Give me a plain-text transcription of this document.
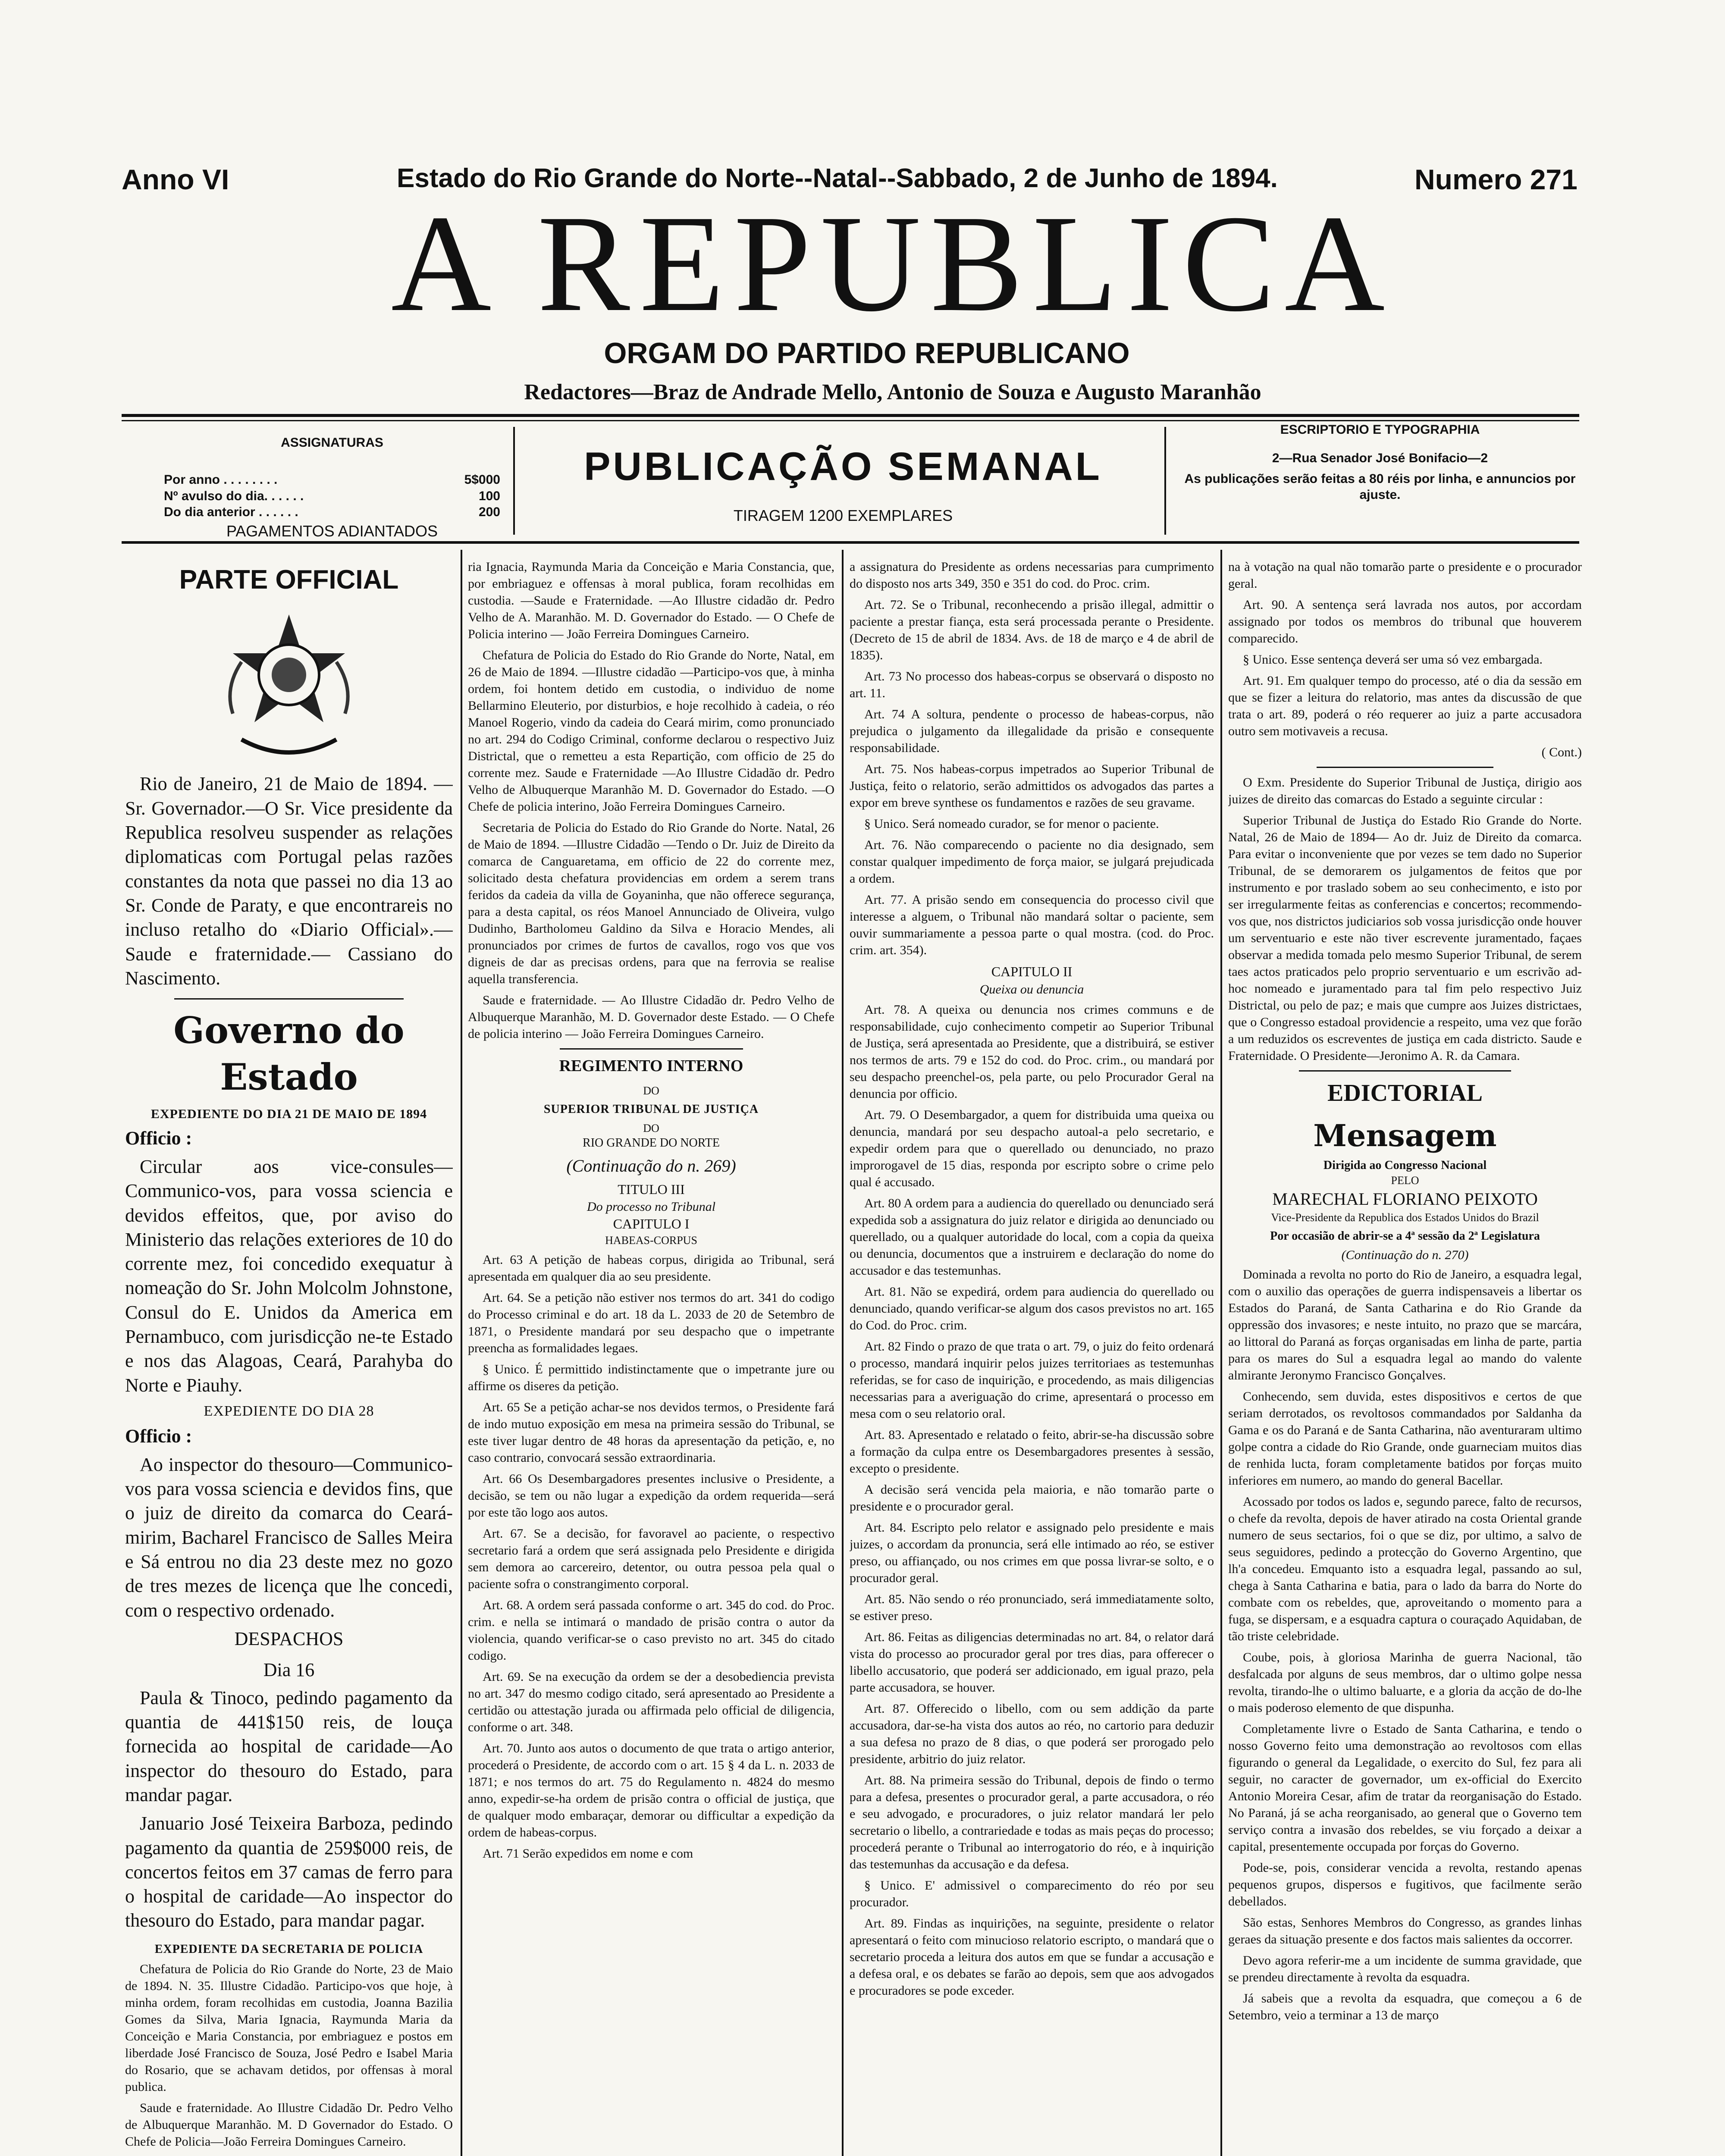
Anno VI	Estado do Rio Grande do Norte--Natal--Sabbado, 2 de Junho de 1894.	Numero 271
A REPUBLICA
ORGAM DO PARTIDO REPUBLICANO
Redactores—Braz de Andrade Mello, Antonio de Souza e Augusto Maranhão
ASSIGNATURAS
Por anno . . . . . . . .	5$000
Nº avulso do dia. . . . . .	100
Do dia anterior . . . . . .	200
PAGAMENTOS ADIANTADOS
PUBLICAÇÃO SEMANAL
TIRAGEM 1200 EXEMPLARES
ESCRIPTORIO E TYPOGRAPHIA
2—Rua Senador José Bonifacio—2
As publicações serão feitas a 80 réis por linha, e annuncios por ajuste.
PARTE OFFICIAL

Rio de Janeiro, 21 de Maio de 1894. —Sr. Governador.—O Sr. Vice presidente da Republica resolveu suspender as relações diplomaticas com Portugal pelas razões constantes da nota que passei no dia 13 ao Sr. Conde de Paraty, e que encontrareis no incluso retalho do «Diario Official».—Saude e fraternidade.— Cassiano do Nascimento.

Governo do Estado
EXPEDIENTE DO DIA 21 DE MAIO DE 1894

Officio :

Circular aos vice-consules—Communico-vos, para vossa sciencia e devidos effeitos, que, por aviso do Ministerio das relações exteriores de 10 do corrente mez, foi concedido exequatur à nomeação do Sr. John Molcolm Johnstone, Consul do E. Unidos da America em Pernambuco, com jurisdicção ne-te Estado e nos das Alagoas, Ceará, Parahyba do Norte e Piauhy.

EXPEDIENTE DO DIA 28

Officio :

Ao inspector do thesouro—Communico-vos para vossa sciencia e devidos fins, que o juiz de direito da comarca do Ceará-mirim, Bacharel Francisco de Salles Meira e Sá entrou no dia 23 deste mez no gozo de tres mezes de licença que lhe concedi, com o respectivo ordenado.

DESPACHOS
Dia 16

Paula & Tinoco, pedindo pagamento da quantia de 441$150 reis, de louça fornecida ao hospital de caridade—Ao inspector do thesouro do Estado, para mandar pagar.

Januario José Teixeira Barboza, pedindo pagamento da quantia de 259$000 reis, de concertos feitos em 37 camas de ferro para o hospital de caridade—Ao inspector do thesouro do Estado, para mandar pagar.

EXPEDIENTE DA SECRETARIA DE POLICIA

Chefatura de Policia do Rio Grande do Norte, 23 de Maio de 1894. N. 35. Illustre Cidadão. Participo-vos que hoje, à minha ordem, foram recolhidas em custodia, Joanna Bazilia Gomes da Silva, Maria Ignacia, Raymunda Maria da Conceição e Maria Constancia, por embriaguez e postos em liberdade José Francisco de Souza, José Pedro e Isabel Maria do Rosario, que se achavam detidos, por offensas à moral publica.

Saude e fraternidade. Ao Illustre Cidadão Dr. Pedro Velho de Albuquerque Maranhão. M. D Governador do Estado. O Chefe de Policia—João Ferreira Domingues Carneiro.

ria Ignacia, Raymunda Maria da Conceição e Maria Constancia, que, por embriaguez e offensas à moral publica, foram recolhidas em custodia. —Saude e Fraternidade. —Ao Illustre cidadão dr. Pedro Velho de A. Maranhão. M. D. Governador do Estado. — O Chefe de Policia interino — João Ferreira Domingues Carneiro.

Chefatura de Policia do Estado do Rio Grande do Norte, Natal, em 26 de Maio de 1894. —Illustre cidadão —Participo-vos que, à minha ordem, foi hontem detido em custodia, o individuo de nome Bellarmino Eleuterio, por disturbios, e hoje recolhido à cadeia, o réo Manoel Rogerio, vindo da cadeia do Ceará mirim, como pronunciado no art. 294 do Codigo Criminal, conforme declarou o respectivo Juiz Districtal, que o remetteu a esta Repartição, com officio de 25 do corrente mez. Saude e Fraternidade —Ao Illustre Cidadão dr. Pedro Velho de Albuquerque Maranhão M. D. Governador do Estado. —O Chefe de policia interino, João Ferreira Domingues Carneiro.

Secretaria de Policia do Estado do Rio Grande do Norte. Natal, 26 de Maio de 1894. —Illustre Cidadão —Tendo o Dr. Juiz de Direito da comarca de Canguaretama, em officio de 22 do corrente mez, solicitado desta chefatura providencias em ordem a serem trans feridos da cadeia da villa de Goyaninha, que não offerece segurança, para a desta capital, os réos Manoel Annunciado de Oliveira, vulgo Dudinho, Bartholomeu Galdino da Silva e Horacio Mendes, ali pronunciados por crimes de furtos de cavallos, rogo vos que vos digneis de dar as precisas ordens, para que na ferrovia se realise aquella transferencia.

Saude e fraternidade. — Ao Illustre Cidadão dr. Pedro Velho de Albuquerque Maranhão, M. D. Governador deste Estado. — O Chefe de policia interino — João Ferreira Domingues Carneiro.

REGIMENTO INTERNO
DO
SUPERIOR TRIBUNAL DE JUSTIÇA
DO
RIO GRANDE DO NORTE
(Continuação do n. 269)
TITULO III
Do processo no Tribunal
CAPITULO I
HABEAS-CORPUS

Art. 63 A petição de habeas corpus, dirigida ao Tribunal, será apresentada em qualquer dia ao seu presidente.

Art. 64. Se a petição não estiver nos termos do art. 341 do codigo do Processo criminal e do art. 18 da L. 2033 de 20 de Setembro de 1871, o Presidente mandará por seu despacho que o impetrante preencha as formalidades legaes.

§ Unico. É permittido indistinctamente que o impetrante jure ou affirme os diseres da petição.

Art. 65 Se a petição achar-se nos devidos termos, o Presidente fará de indo mutuo exposição em mesa na primeira sessão do Tribunal, se este tiver lugar dentro de 48 horas da apresentação da petição, e, no caso contrario, convocará sessão extraordinaria.

Art. 66 Os Desembargadores presentes inclusive o Presidente, a decisão, se tem ou não lugar a expedição da ordem requerida—será por este tão logo aos autos.

Art. 67. Se a decisão, for favoravel ao paciente, o respectivo secretario fará a ordem que será assignada pelo Presidente e dirigida sem demora ao carcereiro, detentor, ou outra pessoa pela qual o paciente sofra o constrangimento corporal.

Art. 68. A ordem será passada conforme o art. 345 do cod. do Proc. crim. e nella se intimará o mandado de prisão contra o autor da violencia, quando verificar-se o caso previsto no art. 345 do citado codigo.

Art. 69. Se na execução da ordem se der a desobediencia prevista no art. 347 do mesmo codigo citado, será apresentado ao Presidente a certidão ou attestação jurada ou affirmada pelo official de diligencia, conforme o art. 348.

Art. 70. Junto aos autos o documento de que trata o artigo anterior, procederá o Presidente, de accordo com o art. 15 § 4 da L. n. 2033 de 1871; e nos termos do art. 75 do Regulamento n. 4824 do mesmo anno, expedir-se-ha ordem de prisão contra o official de justiça, que de qualquer modo embaraçar, demorar ou difficultar a expedição da ordem de habeas-corpus.

Art. 71 Serão expedidos em nome e com

a assignatura do Presidente as ordens necessarias para cumprimento do disposto nos arts 349, 350 e 351 do cod. do Proc. crim.

Art. 72. Se o Tribunal, reconhecendo a prisão illegal, admittir o paciente a prestar fiança, esta será processada perante o Presidente. (Decreto de 15 de abril de 1834. Avs. de 18 de março e 4 de abril de 1835).

Art. 73 No processo dos habeas-corpus se observará o disposto no art. 11.

Art. 74 A soltura, pendente o processo de habeas-corpus, não prejudica o julgamento da illegalidade da prisão e consequente responsabilidade.

Art. 75. Nos habeas-corpus impetrados ao Superior Tribunal de Justiça, feito o relatorio, serão admittidos os advogados das partes a expor em breve synthese os fundamentos e razões de seu gravame.

§ Unico. Será nomeado curador, se for menor o paciente.

Art. 76. Não comparecendo o paciente no dia designado, sem constar qualquer impedimento de força maior, se julgará prejudicada a ordem.

Art. 77. A prisão sendo em consequencia do processo civil que interesse a alguem, o Tribunal não mandará soltar o paciente, sem ouvir summariamente a pessoa parte o qual mostra. (cod. do Proc. crim. art. 354).

CAPITULO II
Queixa ou denuncia

Art. 78. A queixa ou denuncia nos crimes communs e de responsabilidade, cujo conhecimento competir ao Superior Tribunal de Justiça, será apresentada ao Presidente, que a distribuirá, se estiver nos termos de arts. 79 e 152 do cod. do Proc. crim., ou mandará por seu despacho preenchel-os, pela parte, ou pelo Procurador Geral na denuncia por officio.

Art. 79. O Desembargador, a quem for distribuida uma queixa ou denuncia, mandará por seu despacho autoal-a pelo secretario, e expedir ordem para que o querellado ou denunciado, no prazo improrogavel de 15 dias, responda por escripto sobre o crime pelo qual é accusado.

Art. 80 A ordem para a audiencia do querellado ou denunciado será expedida sob a assignatura do juiz relator e dirigida ao denunciado ou querellado, ou a qualquer autoridade do local, com a copia da queixa ou denuncia, documentos que a instruirem e declaração do nome do accusador e das testemunhas.

Art. 81. Não se expedirá, ordem para audiencia do querellado ou denunciado, quando verificar-se algum dos casos previstos no art. 165 do Cod. do Proc. crim.

Art. 82 Findo o prazo de que trata o art. 79, o juiz do feito ordenará o processo, mandará inquirir pelos juizes territoriaes as testemunhas referidas, se for caso de inquirição, e procedendo, as mais diligencias necessarias para a averiguação do crime, apresentará o processo em mesa com o seu relatorio oral.

Art. 83. Apresentado e relatado o feito, abrir-se-ha discussão sobre a formação da culpa entre os Desembargadores presentes à sessão, excepto o presidente.

A decisão será vencida pela maioria, e não tomarão parte o presidente e o procurador geral.

Art. 84. Escripto pelo relator e assignado pelo presidente e mais juizes, o accordam da pronuncia, será elle intimado ao réo, se estiver preso, ou affiançado, ou nos crimes em que possa livrar-se solto, e o procurador geral.

Art. 85. Não sendo o réo pronunciado, será immediatamente solto, se estiver preso.

Art. 86. Feitas as diligencias determinadas no art. 84, o relator dará vista do processo ao procurador geral por tres dias, para offerecer o libello accusatorio, que poderá ser addicionado, em igual prazo, pela parte accusadora, se houver.

Art. 87. Offerecido o libello, com ou sem addição da parte accusadora, dar-se-ha vista dos autos ao réo, no cartorio para deduzir a sua defesa no prazo de 8 dias, o que poderá ser prorogado pelo presidente, arbitrio do juiz relator.

Art. 88. Na primeira sessão do Tribunal, depois de findo o termo para a defesa, presentes o procurador geral, a parte accusadora, o réo e seu advogado, e procuradores, o juiz relator mandará ler pelo secretario o libello, a contrariedade e todas as mais peças do processo; procederá perante o Tribunal ao interrogatorio do réo, e à inquirição das testemunhas da accusação e da defesa.

§ Unico. E' admissivel o comparecimento do réo por seu procurador.

Art. 89. Findas as inquirições, na seguinte, presidente o relator apresentará o feito com minucioso relatorio escripto, o mandará que o secretario proceda a leitura dos autos em que se fundar a accusação e a defesa oral, e os debates se farão ao depois, sem que aos advogados e procuradores se pode exceder.

na à votação na qual não tomarão parte o presidente e o procurador geral.

Art. 90. A sentença será lavrada nos autos, por accordam assignado por todos os membros do tribunal que houverem comparecido.

§ Unico. Esse sentença deverá ser uma só vez embargada.

Art. 91. Em qualquer tempo do processo, até o dia da sessão em que se fizer a leitura do relatorio, mas antes da discussão de que trata o art. 89, poderá o réo requerer ao juiz a parte accusadora outro sem motivaveis a recusa.

( Cont.)

O Exm. Presidente do Superior Tribunal de Justiça, dirigio aos juizes de direito das comarcas do Estado a seguinte circular :

Superior Tribunal de Justiça do Estado Rio Grande do Norte. Natal, 26 de Maio de 1894— Ao dr. Juiz de Direito da comarca. Para evitar o inconveniente que por vezes se tem dado no Superior Tribunal, de se demorarem os julgamentos de feitos que por instrumento e por traslado sobem ao seu conhecimento, e isto por ser irregularmente feitas as conferencias e concertos; recommendo-vos que, nos districtos judiciarios sob vossa jurisdicção onde houver um serventuario e este não tiver escrevente juramentado, façaes observar a medida tomada pelo mesmo Superior Tribunal, de serem taes actos praticados pelo proprio serventuario e um escrivão ad-hoc nomeado e juramentado para tal fim pelo respectivo Juiz Districtal, ou pelo de paz; e mais que cumpre aos Juizes districtaes, que o Congresso estadoal providencie a respeito, uma vez que forão a um reduzidos os escreventes de justiça em cada districto. Saude e Fraternidade. O Presidente—Jeronimo A. R. da Camara.

EDICTORIAL
Mensagem
Dirigida ao Congresso Nacional
PELO
MARECHAL FLORIANO PEIXOTO
Vice-Presidente da Republica dos Estados Unidos do Brazil
Por occasião de abrir-se a 4ª sessão da 2ª Legislatura
(Continuação do n. 270)

Dominada a revolta no porto do Rio de Janeiro, a esquadra legal, com o auxilio das operações de guerra indispensaveis a libertar os Estados do Paraná, de Santa Catharina e do Rio Grande da oppressão dos invasores; e neste intuito, no prazo que se marcára, ao littoral do Paraná as forças organisadas em linha de parte, partia para os mares do Sul a esquadra legal ao mando do valente almirante Jeronymo Francisco Gonçalves.

Conhecendo, sem duvida, estes dispositivos e certos de que seriam derrotados, os revoltosos commandados por Saldanha da Gama e os do Paraná e de Santa Catharina, não aventuraram ultimo golpe contra a cidade do Rio Grande, onde guarneciam muitos dias de renhida lucta, foram completamente batidos por forças muito inferiores em numero, ao mando do general Bacellar.

Acossado por todos os lados e, segundo parece, falto de recursos, o chefe da revolta, depois de haver atirado na costa Oriental grande numero de seus sectarios, foi o que se diz, por ultimo, a salvo de seus seguidores, pedindo a protecção do Governo Argentino, que lh'a concedeu. Emquanto isto a esquadra legal, passando ao sul, chega à Santa Catharina e batia, para o lado da barra do Norte do combate com os rebeldes, que, aproveitando o momento para a fuga, se dispersam, e a esquadra captura o couraçado Aquidaban, de tão triste celebridade.

Coube, pois, à gloriosa Marinha de guerra Nacional, tão desfalcada por alguns de seus membros, dar o ultimo golpe nessa revolta, tirando-lhe o ultimo baluarte, e a gloria da acção de do-lhe o mais poderoso elemento de que dispunha.

Completamente livre o Estado de Santa Catharina, e tendo o nosso Governo feito uma demonstração ao revoltosos com ellas figurando o general da Legalidade, o exercito do Sul, fez para ali seguir, no caracter de governador, um ex-official do Exercito Antonio Moreira Cesar, afim de tratar da reorganisação do Estado. No Paraná, já se acha reorganisado, ao general que o Governo tem serviço contra a invasão dos rebeldes, se viu forçado a deixar a capital, presentemente occupada por forças do Governo.

Pode-se, pois, considerar vencida a revolta, restando apenas pequenos grupos, dispersos e fugitivos, que facilmente serão debellados.

São estas, Senhores Membros do Congresso, as grandes linhas geraes da situação presente e dos factos mais salientes da occorrer.

Devo agora referir-me a um incidente de summa gravidade, que se prendeu directamente à revolta da esquadra.

Já sabeis que a revolta da esquadra, que começou a 6 de Setembro, veio a terminar a 13 de março
